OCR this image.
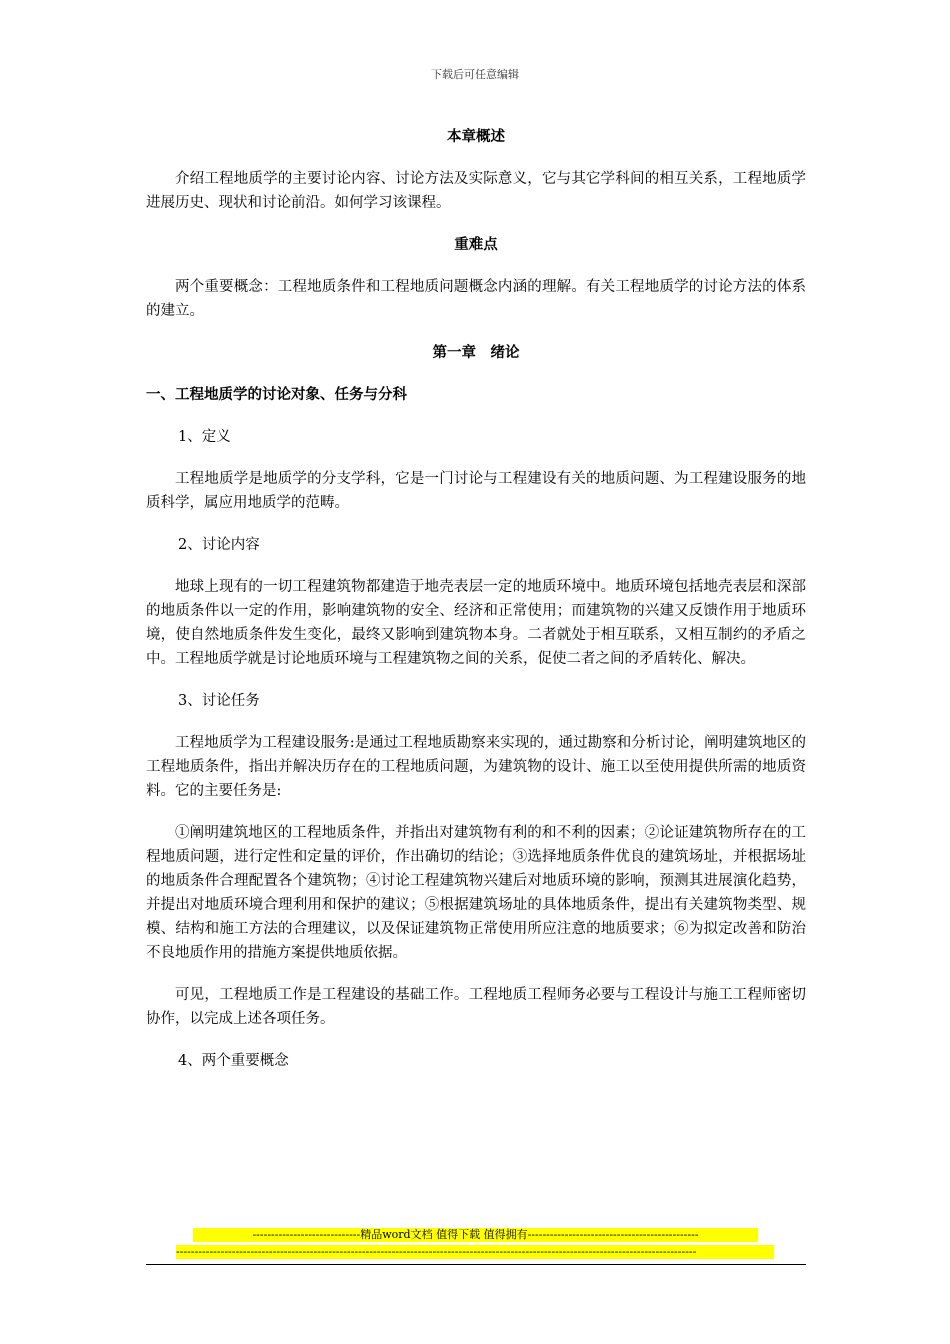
下载后可任意编辑
本章概述

介绍工程地质学的主要讨论内容、讨论方法及实际意义，它与其它学科间的相互关系，工程地质学进展历史、现状和讨论前沿。如何学习该课程。

重难点

两个重要概念：工程地质条件和工程地质问题概念内涵的理解。有关工程地质学的讨论方法的体系的建立。

第一章　绪论
一、工程地质学的讨论对象、任务与分科
1、定义

工程地质学是地质学的分支学科，它是一门讨论与工程建设有关的地质问题、为工程建设服务的地质科学，属应用地质学的范畴。

2、讨论内容

地球上现有的一切工程建筑物都建造于地壳表层一定的地质环境中。地质环境包括地壳表层和深部的地质条件以一定的作用，影响建筑物的安全、经济和正常使用；而建筑物的兴建又反馈作用于地质环境，使自然地质条件发生变化，最终又影响到建筑物本身。二者就处于相互联系，又相互制约的矛盾之中。工程地质学就是讨论地质环境与工程建筑物之间的关系，促使二者之间的矛盾转化、解决。

3、讨论任务

工程地质学为工程建设服务:是通过工程地质勘察来实现的，通过勘察和分析讨论，阐明建筑地区的工程地质条件，指出并解决历存在的工程地质问题，为建筑物的设计、施工以至使用提供所需的地质资料。它的主要任务是:

①阐明建筑地区的工程地质条件，并指出对建筑物有利的和不利的因素；②论证建筑物所存在的工程地质问题，进行定性和定量的评价，作出确切的结论；③选择地质条件优良的建筑场址，并根据场址的地质条件合理配置各个建筑物；④讨论工程建筑物兴建后对地质环境的影响，预测其进展演化趋势，并提出对地质环境合理利用和保护的建议；⑤根据建筑场址的具体地质条件，提出有关建筑物类型、规模、结构和施工方法的合理建议，以及保证建筑物正常使用所应注意的地质要求；⑥为拟定改善和防治不良地质作用的措施方案提供地质依据。

可见，工程地质工作是工程建设的基础工作。工程地质工程师务必要与工程设计与施工工程师密切协作，以完成上述各项任务。

4、两个重要概念
-----------------------------精品word文档 值得下载 值得拥有----------------------------------------------
--------------------------------------------------------------------------------------------------------------------------------------------
